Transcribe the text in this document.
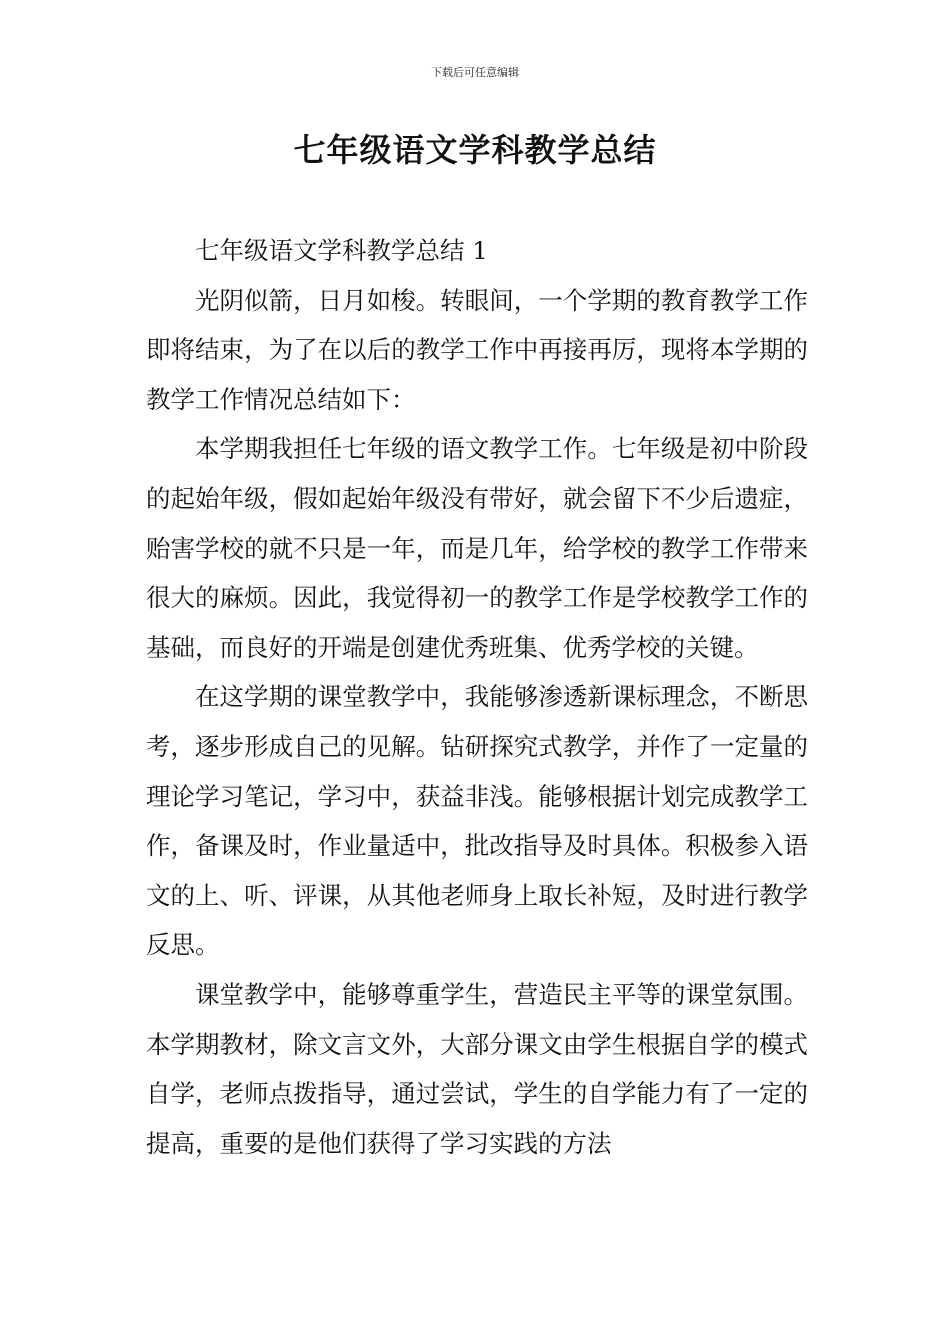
下载后可任意编辑
七年级语文学科教学总结

七年级语文学科教学总结 1

光阴似箭，日月如梭。转眼间，一个学期的教育教学工作即将结束，为了在以后的教学工作中再接再厉，现将本学期的教学工作情况总结如下：

本学期我担任七年级的语文教学工作。七年级是初中阶段的起始年级，假如起始年级没有带好，就会留下不少后遗症，贻害学校的就不只是一年，而是几年，给学校的教学工作带来很大的麻烦。因此，我觉得初一的教学工作是学校教学工作的基础，而良好的开端是创建优秀班集、优秀学校的关键。

在这学期的课堂教学中，我能够渗透新课标理念，不断思考，逐步形成自己的见解。钻研探究式教学，并作了一定量的理论学习笔记，学习中，获益非浅。能够根据计划完成教学工作，备课及时，作业量适中，批改指导及时具体。积极参入语文的上、听、评课，从其他老师身上取长补短，及时进行教学反思。

课堂教学中，能够尊重学生，营造民主平等的课堂氛围。本学期教材，除文言文外，大部分课文由学生根据自学的模式自学，老师点拨指导，通过尝试，学生的自学能力有了一定的提高，重要的是他们获得了学习实践的方法
